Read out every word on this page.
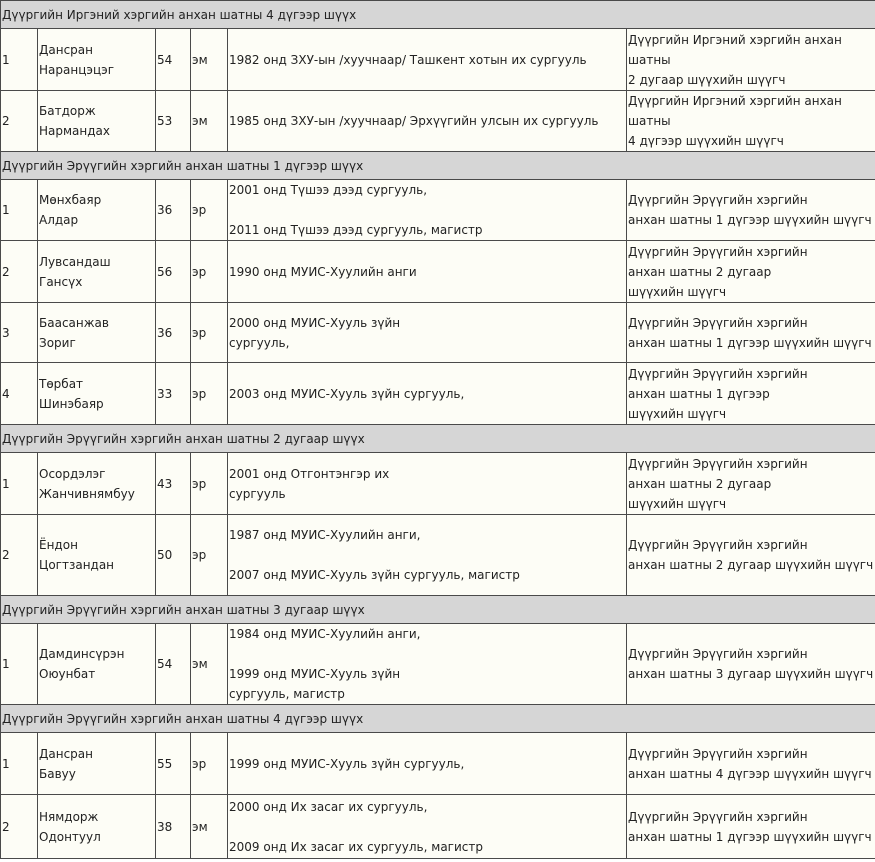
Дүүргийн Иргэний хэргийн анхан шатны 4 дүгээр шүүх					
1	Дансран
Наранцэцэг	54	эм	1982 онд ЗХУ-ын /хуучнаар/ Ташкент хотын их сургууль	Дүүргийн Иргэний хэргийн анхан шатны
2 дугаар шүүхийн шүүгч

2	Батдорж
Нармандах	53	эм	1985 онд ЗХУ-ын /хуучнаар/ Эрхүүгийн улсын их сургууль	Дүүргийн Иргэний хэргийн анхан шатны
4 дүгээр шүүхийн шүүгч

Дүүргийн Эрүүгийн хэргийн анхан шатны 1 дүгээр шүүх					
1	Мөнхбаяр
Алдар	36	эр	2001 онд Түшээ дээд сургууль,
2011 онд Түшээ дээд сургууль, магистр	Дүүргийн Эрүүгийн хэргийн
анхан шатны 1 дүгээр шүүхийн шүүгч

2	Лувсандаш
Гансүх	56	эр	1990 онд МУИС-Хуулийн анги	Дүүргийн Эрүүгийн хэргийн
анхан шатны 2 дугаар
шүүхийн шүүгч

3	Баасанжав
Зориг	36	эр	2000 онд МУИС-Хууль зүйн
сургууль,	Дүүргийн Эрүүгийн хэргийн
анхан шатны 1 дүгээр шүүхийн шүүгч

4	Төрбат
Шинэбаяр	33	эр	2003 онд МУИС-Хууль зүйн сургууль,	Дүүргийн Эрүүгийн хэргийн
анхан шатны 1 дүгээр
шүүхийн шүүгч

Дүүргийн Эрүүгийн хэргийн анхан шатны 2 дугаар шүүх					
1	Осордэлэг
Жанчивнямбуу	43	эр	2001 онд Отгонтэнгэр их
сургууль	Дүүргийн Эрүүгийн хэргийн
анхан шатны 2 дугаар
шүүхийн шүүгч

2	Ёндон
Цогтзандан	50	эр	1987 онд МУИС-Хуулийн анги,
2007 онд МУИС-Хууль зүйн сургууль, магистр	Дүүргийн Эрүүгийн хэргийн
анхан шатны 2 дугаар шүүхийн шүүгч

Дүүргийн Эрүүгийн хэргийн анхан шатны 3 дугаар шүүх					
1	Дамдинсүрэн
Оюунбат	54	эм	1984 онд МУИС-Хуулийн анги,
1999 онд МУИС-Хууль зүйн
сургууль, магистр	Дүүргийн Эрүүгийн хэргийн
анхан шатны 3 дугаар шүүхийн шүүгч

Дүүргийн Эрүүгийн хэргийн анхан шатны 4 дүгээр шүүх					
1	Дансран
Бавуу	55	эр	1999 онд МУИС-Хууль зүйн сургууль,	Дүүргийн Эрүүгийн хэргийн
анхан шатны 4 дүгээр шүүхийн шүүгч

2	Нямдорж
Одонтуул	38	эм	2000 онд Их засаг их сургууль,
2009 онд Их засаг их сургууль, магистр	Дүүргийн Эрүүгийн хэргийн
анхан шатны 1 дүгээр шүүхийн шүүгч
